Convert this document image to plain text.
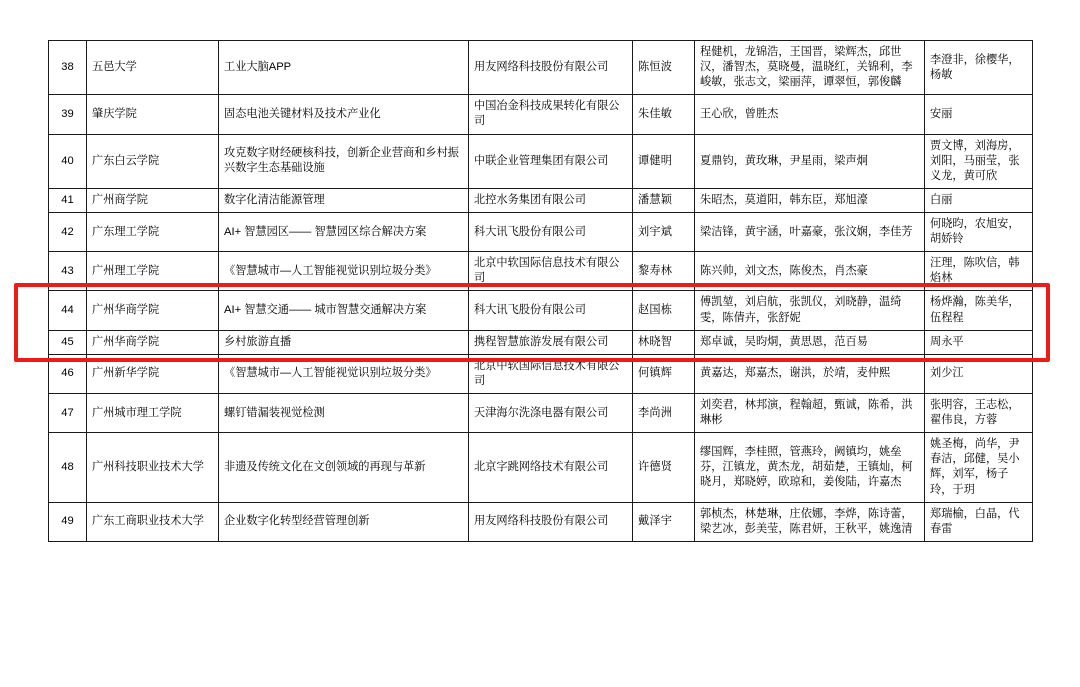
38	五邑大学	工业大脑APP	用友网络科技股份有限公司	陈恒波	程健机，龙锦浩，王国晋，梁辉杰，邱世汉，潘智杰，莫晓曼，温晓红，关锦利，李峻敏，张志文，梁丽萍，谭翠恒，郭俊麟	李澄非，徐樱华，杨敏
39	肇庆学院	固态电池关键材料及技术产业化	中国冶金科技成果转化有限公司	朱佳敏	王心欣，曾胜杰	安丽
40	广东白云学院	攻克数字财经硬核科技，创新企业营商和乡村振兴数字生态基础设施	中联企业管理集团有限公司	谭健明	夏鼎钧，黄玫琳，尹星雨，梁声炯	贾文博，刘海房，刘阳，马丽莹，张义龙，黄可欣
41	广州商学院	数字化清洁能源管理	北控水务集团有限公司	潘慧颖	朱昭杰，莫道阳，韩东臣，郑旭濠	白丽
42	广东理工学院	AI+ 智慧园区—— 智慧园区综合解决方案	科大讯飞股份有限公司	刘宇斌	梁洁锋，黄宇涵，叶嘉豪，张汶娴，李佳芳	何晓昀，农旭安，胡娇铃
43	广州理工学院	《智慧城市—人工智能视觉识别垃圾分类》	北京中软国际信息技术有限公司	黎寿林	陈兴帅，刘文杰，陈俊杰，肖杰豪	汪理，陈吹信，韩焰林
44	广州华商学院	AI+ 智慧交通—— 城市智慧交通解决方案	科大讯飞股份有限公司	赵国栋	傅凯堃，刘启航，张凯仪，刘晓静，温绮雯，陈倩卉，张舒妮	杨烨瀚，陈美华，伍程程
45	广州华商学院	乡村旅游直播	携程智慧旅游发展有限公司	林晓智	郑卓诚，吴昀烔，黄思恩，范百易	周永平
46	广州新华学院	《智慧城市—人工智能视觉识别垃圾分类》	北京中软国际信息技术有限公司	何镇辉	黄嘉达，郑嘉杰，谢洪，於靖，麦仲熙	刘少江
47	广州城市理工学院	螺钉错漏装视觉检测	天津海尔洗涤电器有限公司	李尚洲	刘奕君，林邦演，程翰超，甄诚，陈希，洪琳彬	张明容，王志松，翟伟良，方蓉
48	广州科技职业技术大学	非遗及传统文化在文创领域的再现与革新	北京字跳网络技术有限公司	许德贤	缪国辉，李桂照，管燕玲，阙镇均，姚垒芬，江镇龙，黄杰龙，胡茹楚，王镇灿，柯晓月，郑晓婷，欧琼和，姜俊陆，许嘉杰	姚圣梅，尚华，尹春洁，邱健，吴小辉，刘军，杨子玲，于玥
49	广东工商职业技术大学	企业数字化转型经营管理创新	用友网络科技股份有限公司	戴泽宇	郭桢杰，林楚琳，庄依娜，李烨，陈诗蕾，梁艺冰，彭美莹，陈君妍，王秋平，姚逸清	郑瑞榆，白晶，代春雷
